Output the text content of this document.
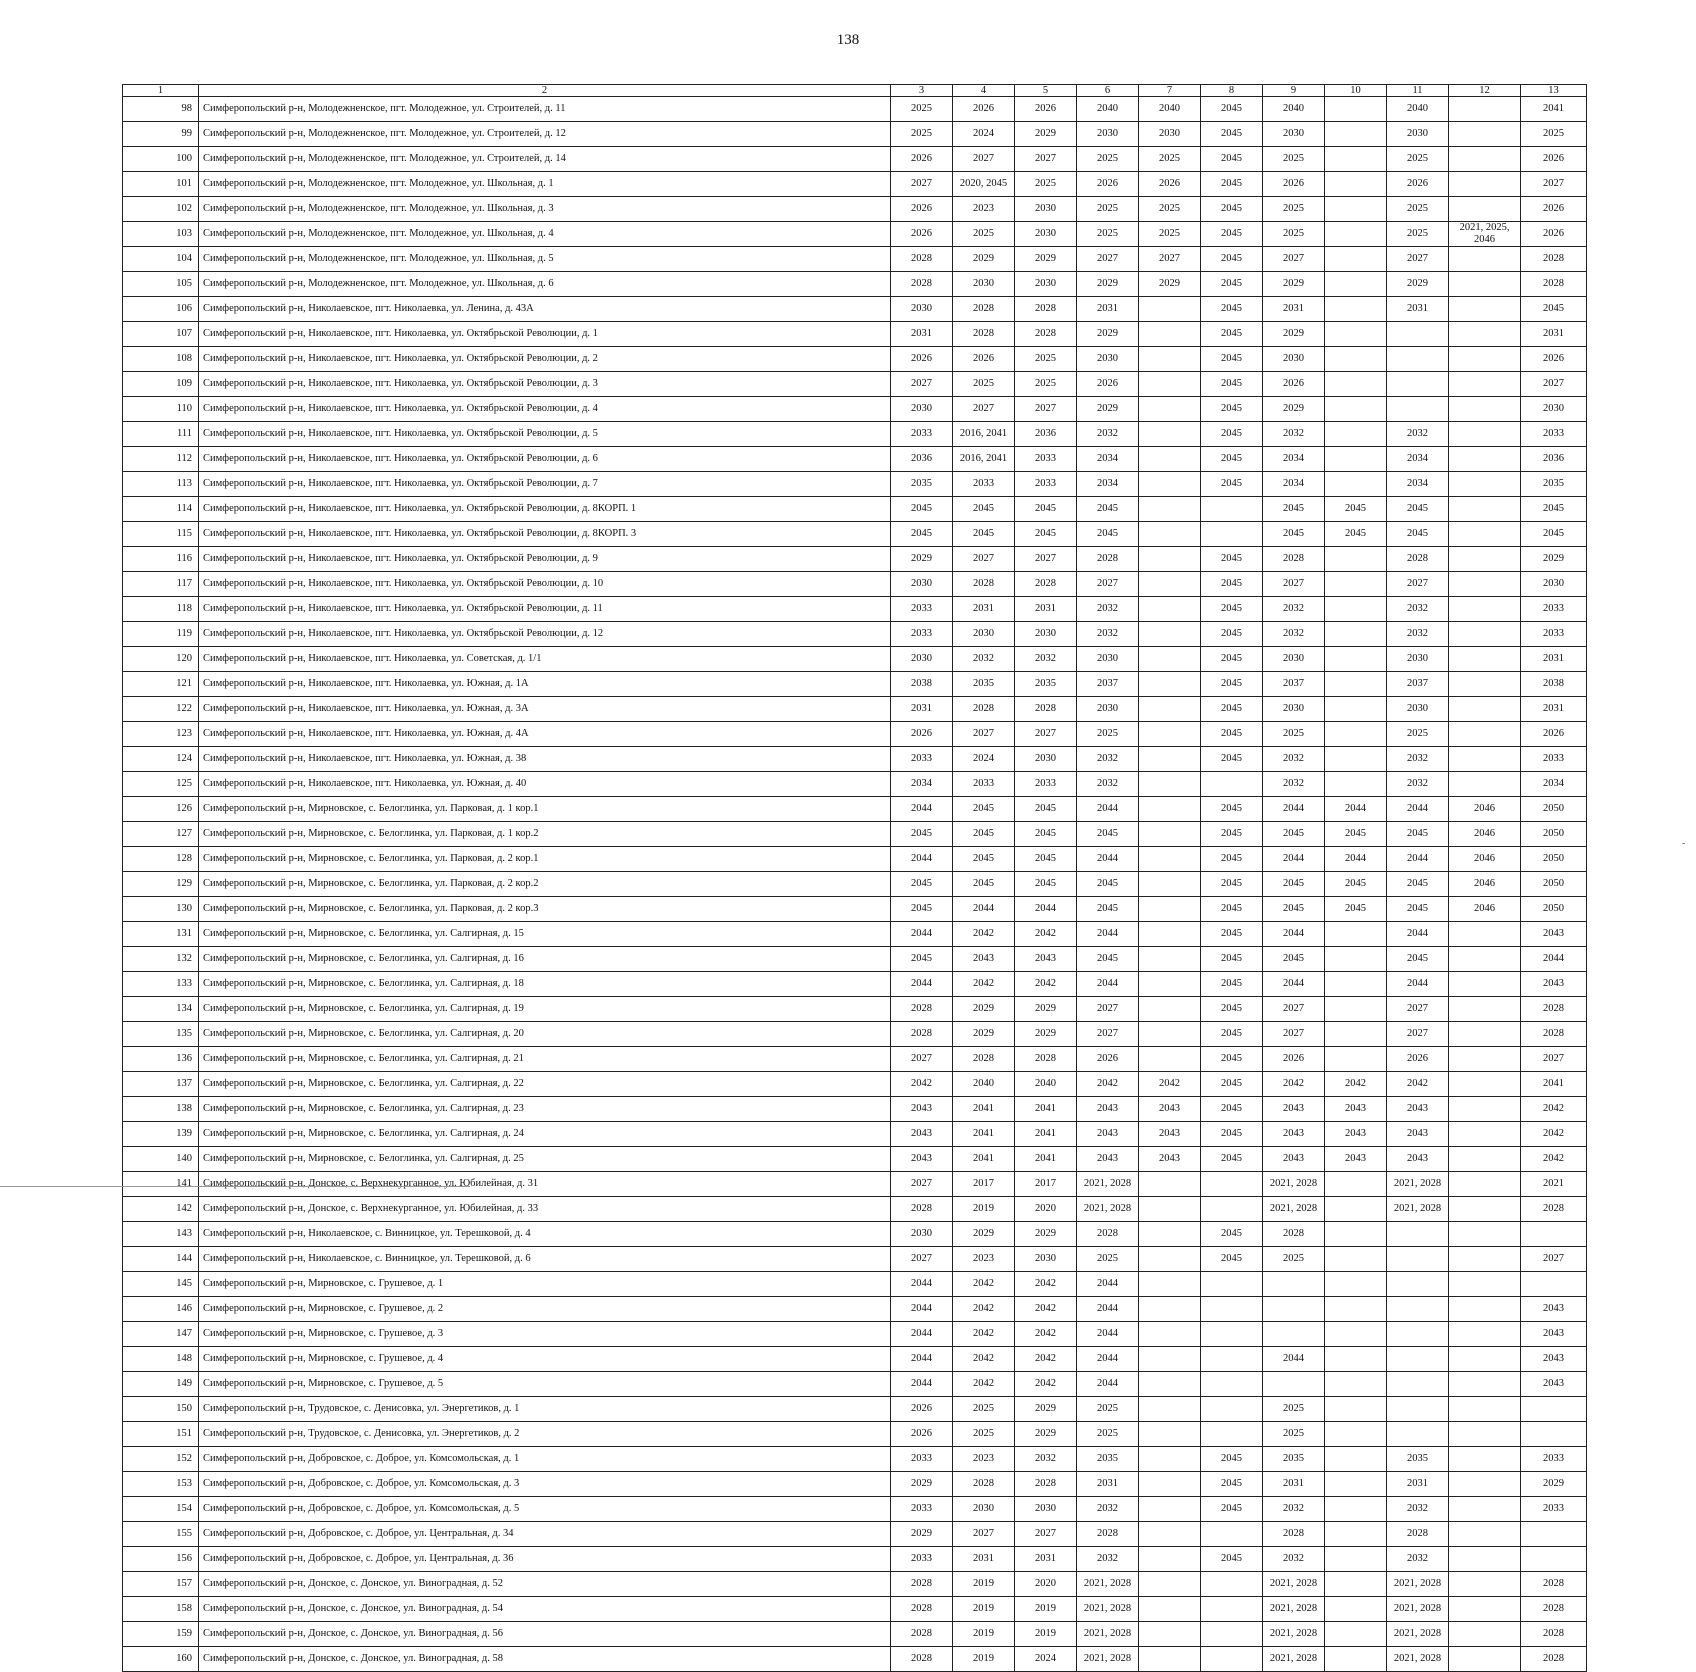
138
1	2	3	4	5	6	7	8	9	10	11	12	13
98	Симферопольский р-н, Молодежненское, пгт. Молодежное, ул. Строителей, д. 11	2025	2026	2026	2040	2040	2045	2040		2040		2041
99	Симферопольский р-н, Молодежненское, пгт. Молодежное, ул. Строителей, д. 12	2025	2024	2029	2030	2030	2045	2030		2030		2025
100	Симферопольский р-н, Молодежненское, пгт. Молодежное, ул. Строителей, д. 14	2026	2027	2027	2025	2025	2045	2025		2025		2026
101	Симферопольский р-н, Молодежненское, пгт. Молодежное, ул. Школьная, д. 1	2027	2020, 2045	2025	2026	2026	2045	2026		2026		2027
102	Симферопольский р-н, Молодежненское, пгт. Молодежное, ул. Школьная, д. 3	2026	2023	2030	2025	2025	2045	2025		2025		2026
103	Симферопольский р-н, Молодежненское, пгт. Молодежное, ул. Школьная, д. 4	2026	2025	2030	2025	2025	2045	2025		2025	2021, 2025, 2046	2026
104	Симферопольский р-н, Молодежненское, пгт. Молодежное, ул. Школьная, д. 5	2028	2029	2029	2027	2027	2045	2027		2027		2028
105	Симферопольский р-н, Молодежненское, пгт. Молодежное, ул. Школьная, д. 6	2028	2030	2030	2029	2029	2045	2029		2029		2028
106	Симферопольский р-н, Николаевское, пгт. Николаевка, ул. Ленина, д. 43А	2030	2028	2028	2031		2045	2031		2031		2045
107	Симферопольский р-н, Николаевское, пгт. Николаевка, ул. Октябрьской Революции, д. 1	2031	2028	2028	2029		2045	2029				2031
108	Симферопольский р-н, Николаевское, пгт. Николаевка, ул. Октябрьской Революции, д. 2	2026	2026	2025	2030		2045	2030				2026
109	Симферопольский р-н, Николаевское, пгт. Николаевка, ул. Октябрьской Революции, д. 3	2027	2025	2025	2026		2045	2026				2027
110	Симферопольский р-н, Николаевское, пгт. Николаевка, ул. Октябрьской Революции, д. 4	2030	2027	2027	2029		2045	2029				2030
111	Симферопольский р-н, Николаевское, пгт. Николаевка, ул. Октябрьской Революции, д. 5	2033	2016, 2041	2036	2032		2045	2032		2032		2033
112	Симферопольский р-н, Николаевское, пгт. Николаевка, ул. Октябрьской Революции, д. 6	2036	2016, 2041	2033	2034		2045	2034		2034		2036
113	Симферопольский р-н, Николаевское, пгт. Николаевка, ул. Октябрьской Революции, д. 7	2035	2033	2033	2034		2045	2034		2034		2035
114	Симферопольский р-н, Николаевское, пгт. Николаевка, ул. Октябрьской Революции, д. 8КОРП. 1	2045	2045	2045	2045			2045	2045	2045		2045
115	Симферопольский р-н, Николаевское, пгт. Николаевка, ул. Октябрьской Революции, д. 8КОРП. 3	2045	2045	2045	2045			2045	2045	2045		2045
116	Симферопольский р-н, Николаевское, пгт. Николаевка, ул. Октябрьской Революции, д. 9	2029	2027	2027	2028		2045	2028		2028		2029
117	Симферопольский р-н, Николаевское, пгт. Николаевка, ул. Октябрьской Революции, д. 10	2030	2028	2028	2027		2045	2027		2027		2030
118	Симферопольский р-н, Николаевское, пгт. Николаевка, ул. Октябрьской Революции, д. 11	2033	2031	2031	2032		2045	2032		2032		2033
119	Симферопольский р-н, Николаевское, пгт. Николаевка, ул. Октябрьской Революции, д. 12	2033	2030	2030	2032		2045	2032		2032		2033
120	Симферопольский р-н, Николаевское, пгт. Николаевка, ул. Советская, д. 1/1	2030	2032	2032	2030		2045	2030		2030		2031
121	Симферопольский р-н, Николаевское, пгт. Николаевка, ул. Южная, д. 1А	2038	2035	2035	2037		2045	2037		2037		2038
122	Симферопольский р-н, Николаевское, пгт. Николаевка, ул. Южная, д. 3А	2031	2028	2028	2030		2045	2030		2030		2031
123	Симферопольский р-н, Николаевское, пгт. Николаевка, ул. Южная, д. 4А	2026	2027	2027	2025		2045	2025		2025		2026
124	Симферопольский р-н, Николаевское, пгт. Николаевка, ул. Южная, д. 38	2033	2024	2030	2032		2045	2032		2032		2033
125	Симферопольский р-н, Николаевское, пгт. Николаевка, ул. Южная, д. 40	2034	2033	2033	2032			2032		2032		2034
126	Симферопольский р-н, Мирновское, с. Белоглинка, ул. Парковая, д. 1 кор.1	2044	2045	2045	2044		2045	2044	2044	2044	2046	2050
127	Симферопольский р-н, Мирновское, с. Белоглинка, ул. Парковая, д. 1 кор.2	2045	2045	2045	2045		2045	2045	2045	2045	2046	2050
128	Симферопольский р-н, Мирновское, с. Белоглинка, ул. Парковая, д. 2 кор.1	2044	2045	2045	2044		2045	2044	2044	2044	2046	2050
129	Симферопольский р-н, Мирновское, с. Белоглинка, ул. Парковая, д. 2 кор.2	2045	2045	2045	2045		2045	2045	2045	2045	2046	2050
130	Симферопольский р-н, Мирновское, с. Белоглинка, ул. Парковая, д. 2 кор.3	2045	2044	2044	2045		2045	2045	2045	2045	2046	2050
131	Симферопольский р-н, Мирновское, с. Белоглинка, ул. Салгирная, д. 15	2044	2042	2042	2044		2045	2044		2044		2043
132	Симферопольский р-н, Мирновское, с. Белоглинка, ул. Салгирная, д. 16	2045	2043	2043	2045		2045	2045		2045		2044
133	Симферопольский р-н, Мирновское, с. Белоглинка, ул. Салгирная, д. 18	2044	2042	2042	2044		2045	2044		2044		2043
134	Симферопольский р-н, Мирновское, с. Белоглинка, ул. Салгирная, д. 19	2028	2029	2029	2027		2045	2027		2027		2028
135	Симферопольский р-н, Мирновское, с. Белоглинка, ул. Салгирная, д. 20	2028	2029	2029	2027		2045	2027		2027		2028
136	Симферопольский р-н, Мирновское, с. Белоглинка, ул. Салгирная, д. 21	2027	2028	2028	2026		2045	2026		2026		2027
137	Симферопольский р-н, Мирновское, с. Белоглинка, ул. Салгирная, д. 22	2042	2040	2040	2042	2042	2045	2042	2042	2042		2041
138	Симферопольский р-н, Мирновское, с. Белоглинка, ул. Салгирная, д. 23	2043	2041	2041	2043	2043	2045	2043	2043	2043		2042
139	Симферопольский р-н, Мирновское, с. Белоглинка, ул. Салгирная, д. 24	2043	2041	2041	2043	2043	2045	2043	2043	2043		2042
140	Симферопольский р-н, Мирновское, с. Белоглинка, ул. Салгирная, д. 25	2043	2041	2041	2043	2043	2045	2043	2043	2043		2042
141	Симферопольский р-н, Донское, с. Верхнекурганное, ул. Юбилейная, д. 31	2027	2017	2017	2021, 2028			2021, 2028		2021, 2028		2021
142	Симферопольский р-н, Донское, с. Верхнекурганное, ул. Юбилейная, д. 33	2028	2019	2020	2021, 2028			2021, 2028		2021, 2028		2028
143	Симферопольский р-н, Николаевское, с. Винницкое, ул. Терешковой, д. 4	2030	2029	2029	2028		2045	2028				
144	Симферопольский р-н, Николаевское, с. Винницкое, ул. Терешковой, д. 6	2027	2023	2030	2025		2045	2025				2027
145	Симферопольский р-н, Мирновское, с. Грушевое, д. 1	2044	2042	2042	2044							
146	Симферопольский р-н, Мирновское, с. Грушевое, д. 2	2044	2042	2042	2044							2043
147	Симферопольский р-н, Мирновское, с. Грушевое, д. 3	2044	2042	2042	2044							2043
148	Симферопольский р-н, Мирновское, с. Грушевое, д. 4	2044	2042	2042	2044			2044				2043
149	Симферопольский р-н, Мирновское, с. Грушевое, д. 5	2044	2042	2042	2044							2043
150	Симферопольский р-н, Трудовское, с. Денисовка, ул. Энергетиков, д. 1	2026	2025	2029	2025			2025				
151	Симферопольский р-н, Трудовское, с. Денисовка, ул. Энергетиков, д. 2	2026	2025	2029	2025			2025				
152	Симферопольский р-н, Добровское, с. Доброе, ул. Комсомольская, д. 1	2033	2023	2032	2035		2045	2035		2035		2033
153	Симферопольский р-н, Добровское, с. Доброе, ул. Комсомольская, д. 3	2029	2028	2028	2031		2045	2031		2031		2029
154	Симферопольский р-н, Добровское, с. Доброе, ул. Комсомольская, д. 5	2033	2030	2030	2032		2045	2032		2032		2033
155	Симферопольский р-н, Добровское, с. Доброе, ул. Центральная, д. 34	2029	2027	2027	2028			2028		2028		
156	Симферопольский р-н, Добровское, с. Доброе, ул. Центральная, д. 36	2033	2031	2031	2032		2045	2032		2032		
157	Симферопольский р-н, Донское, с. Донское, ул. Виноградная, д. 52	2028	2019	2020	2021, 2028			2021, 2028		2021, 2028		2028
158	Симферопольский р-н, Донское, с. Донское, ул. Виноградная, д. 54	2028	2019	2019	2021, 2028			2021, 2028		2021, 2028		2028
159	Симферопольский р-н, Донское, с. Донское, ул. Виноградная, д. 56	2028	2019	2019	2021, 2028			2021, 2028		2021, 2028		2028
160	Симферопольский р-н, Донское, с. Донское, ул. Виноградная, д. 58	2028	2019	2024	2021, 2028			2021, 2028		2021, 2028		2028
-
